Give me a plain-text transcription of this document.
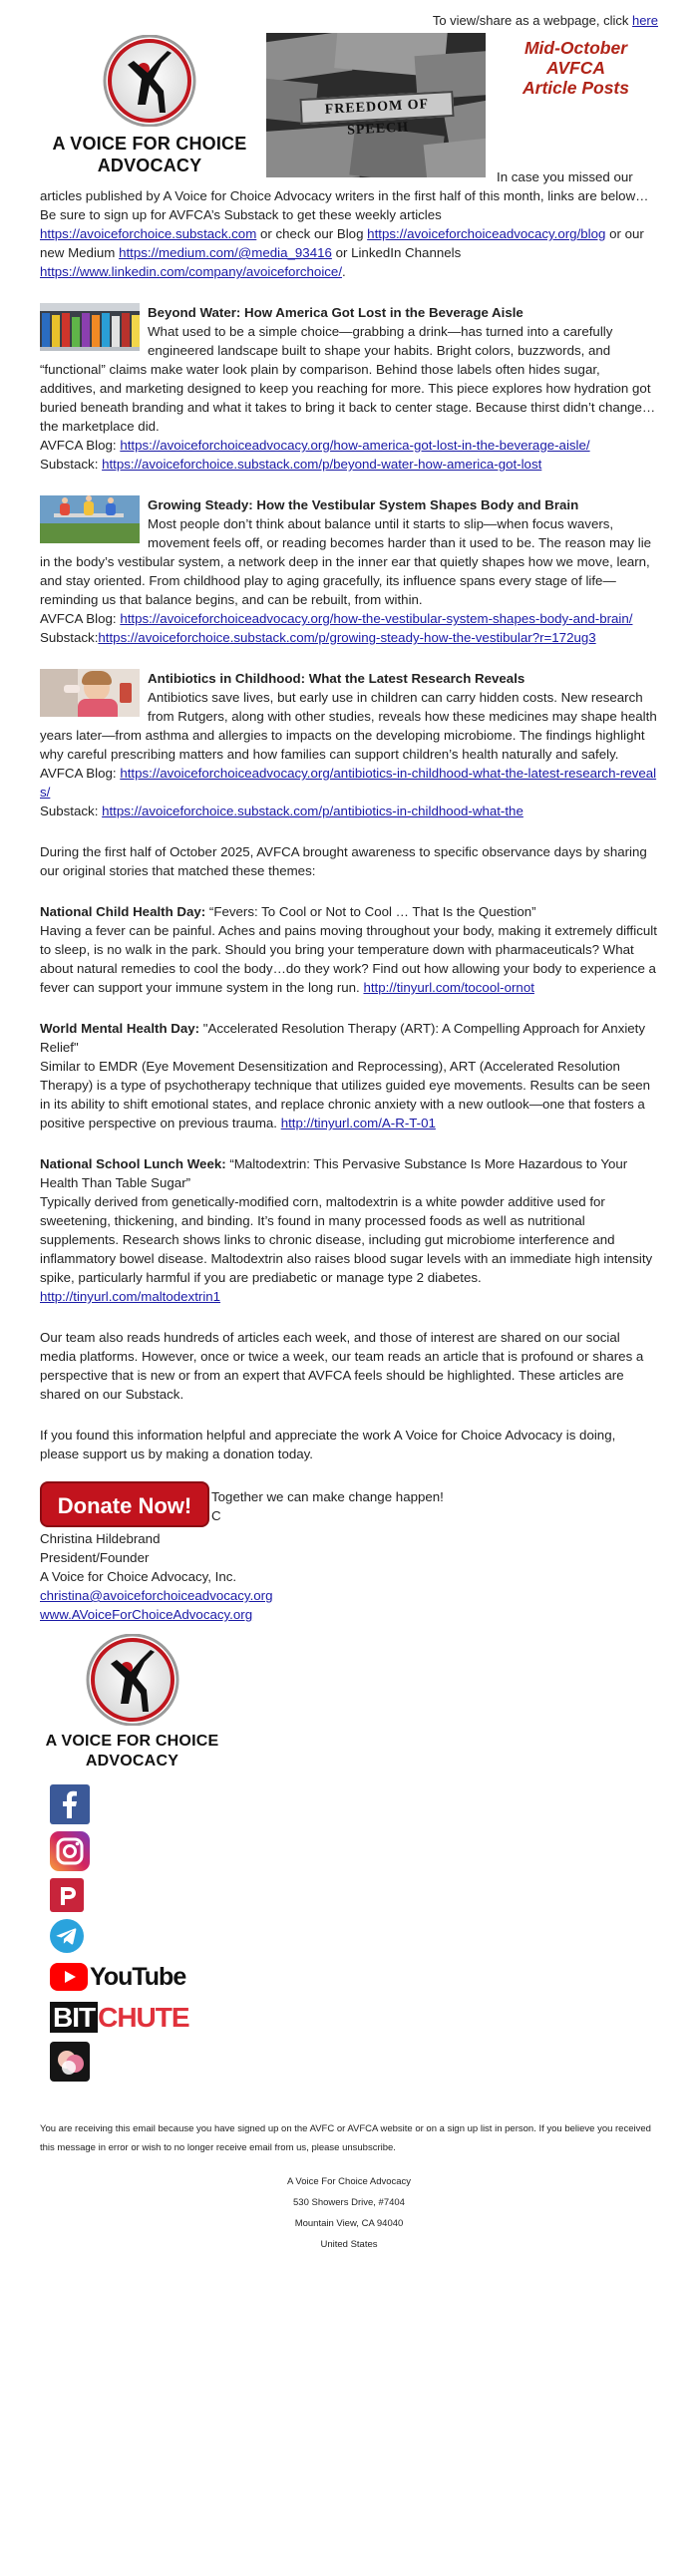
To view/share as a webpage, click here
A VOICE FOR CHOICE
ADVOCACY
FREEDOM OF SPEECH
Mid-October
AVFCA
Article Posts
In case you missed our articles published by A Voice for Choice Advocacy writers in the first half of this month, links are below…Be sure to sign up for AVFCA’s Substack to get these weekly articles https://avoiceforchoice.substack.com or check our Blog https://avoiceforchoiceadvocacy.org/blog or our new Medium https://medium.com/@media_93416 or LinkedIn Channels https://www.linkedin.com/company/avoiceforchoice/.
Beyond Water: How America Got Lost in the Beverage Aisle
What used to be a simple choice—grabbing a drink—has turned into a carefully engineered landscape built to shape your habits. Bright colors, buzzwords, and “functional” claims make water look plain by comparison. Behind those labels often hides sugar, additives, and marketing designed to keep you reaching for more. This piece explores how hydration got buried beneath branding and what it takes to bring it back to center stage. Because thirst didn’t change…the marketplace did.
AVFCA Blog: https://avoiceforchoiceadvocacy.org/how-america-got-lost-in-the-beverage-aisle/
Substack: https://avoiceforchoice.substack.com/p/beyond-water-how-america-got-lost
Growing Steady: How the Vestibular System Shapes Body and Brain
Most people don’t think about balance until it starts to slip—when focus wavers, movement feels off, or reading becomes harder than it used to be. The reason may lie in the body’s vestibular system, a network deep in the inner ear that quietly shapes how we move, learn, and stay oriented. From childhood play to aging gracefully, its influence spans every stage of life—reminding us that balance begins, and can be rebuilt, from within.
AVFCA Blog: https://avoiceforchoiceadvocacy.org/how-the-vestibular-system-shapes-body-and-brain/
Substack:https://avoiceforchoice.substack.com/p/growing-steady-how-the-vestibular?r=172ug3
Antibiotics in Childhood: What the Latest Research Reveals
Antibiotics save lives, but early use in children can carry hidden costs. New research from Rutgers, along with other studies, reveals how these medicines may shape health years later—from asthma and allergies to impacts on the developing microbiome. The findings highlight why careful prescribing matters and how families can support children’s health naturally and safely.
AVFCA Blog: https://avoiceforchoiceadvocacy.org/antibiotics-in-childhood-what-the-latest-research-reveals/
Substack: https://avoiceforchoice.substack.com/p/antibiotics-in-childhood-what-the
During the first half of October 2025, AVFCA brought awareness to specific observance days by sharing our original stories that matched these themes:
National Child Health Day: “Fevers: To Cool or Not to Cool … That Is the Question”
Having a fever can be painful. Aches and pains moving throughout your body, making it extremely difficult to sleep, is no walk in the park. Should you bring your temperature down with pharmaceuticals? What about natural remedies to cool the body…do they work? Find out how allowing your body to experience a fever can support your immune system in the long run. http://tinyurl.com/tocool-ornot
World Mental Health Day: "Accelerated Resolution Therapy (ART): A Compelling Approach for Anxiety Relief"
Similar to EMDR (Eye Movement Desensitization and Reprocessing), ART (Accelerated Resolution Therapy) is a type of psychotherapy technique that utilizes guided eye movements. Results can be seen in its ability to shift emotional states, and replace chronic anxiety with a new outlook—one that fosters a positive perspective on previous trauma. http://tinyurl.com/A-R-T-01
National School Lunch Week: “Maltodextrin: This Pervasive Substance Is More Hazardous to Your Health Than Table Sugar”
Typically derived from genetically-modified corn, maltodextrin is a white powder additive used for sweetening, thickening, and binding. It’s found in many processed foods as well as nutritional supplements. Research shows links to chronic disease, including gut microbiome interference and inflammatory bowel disease. Maltodextrin also raises blood sugar levels with an immediate high intensity spike, particularly harmful if you are prediabetic or manage type 2 diabetes. http://tinyurl.com/maltodextrin1
Our team also reads hundreds of articles each week, and those of interest are shared on our social media platforms. However, once or twice a week, our team reads an article that is profound or shares a perspective that is new or from an expert that AVFCA feels should be highlighted. These articles are shared on our Substack.
If you found this information helpful and appreciate the work A Voice for Choice Advocacy is doing, please support us by making a donation today.
Donate Now!	Together we can make change happen!
C
Christina Hildebrand
President/Founder
A Voice for Choice Advocacy, Inc.
christina@avoiceforchoiceadvocacy.org
www.AVoiceForChoiceAdvocacy.org
A VOICE FOR CHOICE
ADVOCACY
YouTube
BIT CHUTE
You are receiving this email because you have signed up on the AVFC or AVFCA website or on a sign up list in person. If you believe you received this message in error or wish to no longer receive email from us, please unsubscribe.
A Voice For Choice Advocacy
530 Showers Drive, #7404
Mountain View, CA 94040
United States
